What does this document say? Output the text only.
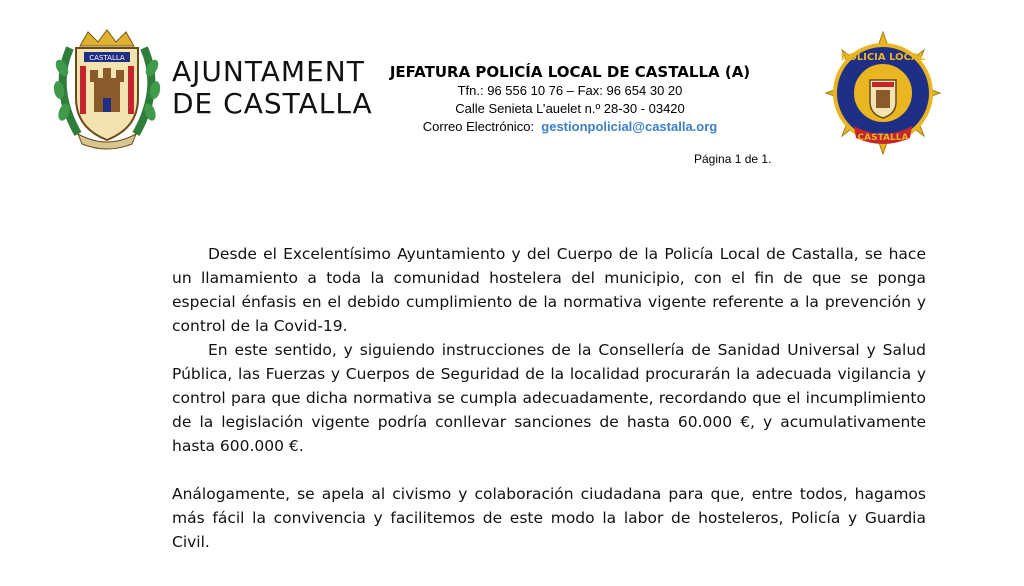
CASTALLA AJUNTAMENT
DE CASTALLA
JEFATURA POLICÍA LOCAL DE CASTALLA (A)
Tfn.: 96 556 10 76 – Fax: 96 654 30 20
Calle Senieta L’auelet n.º 28-30 - 03420
Correo Electrónico: gestionpolicial@castalla.org
POLICIA LOCAL
CASTALLA
Página 1 de 1.

Desde el Excelentísimo Ayuntamiento y del Cuerpo de la Policía Local de Castalla, se hace un llamamiento a toda la comunidad hostelera del municipio, con el fin de que se ponga especial énfasis en el debido cumplimiento de la normativa vigente referente a la prevención y control de la Covid-19.

En este sentido, y siguiendo instrucciones de la Consellería de Sanidad Universal y Salud Pública, las Fuerzas y Cuerpos de Seguridad de la localidad procurarán la adecuada vigilancia y control para que dicha normativa se cumpla adecuadamente, recordando que el incumplimiento de la legislación vigente podría conllevar sanciones de hasta 60.000 €, y acumulativamente hasta 600.000 €.

Análogamente, se apela al civismo y colaboración ciudadana para que, entre todos, hagamos más fácil la convivencia y facilitemos de este modo la labor de hosteleros, Policía y Guardia Civil.
